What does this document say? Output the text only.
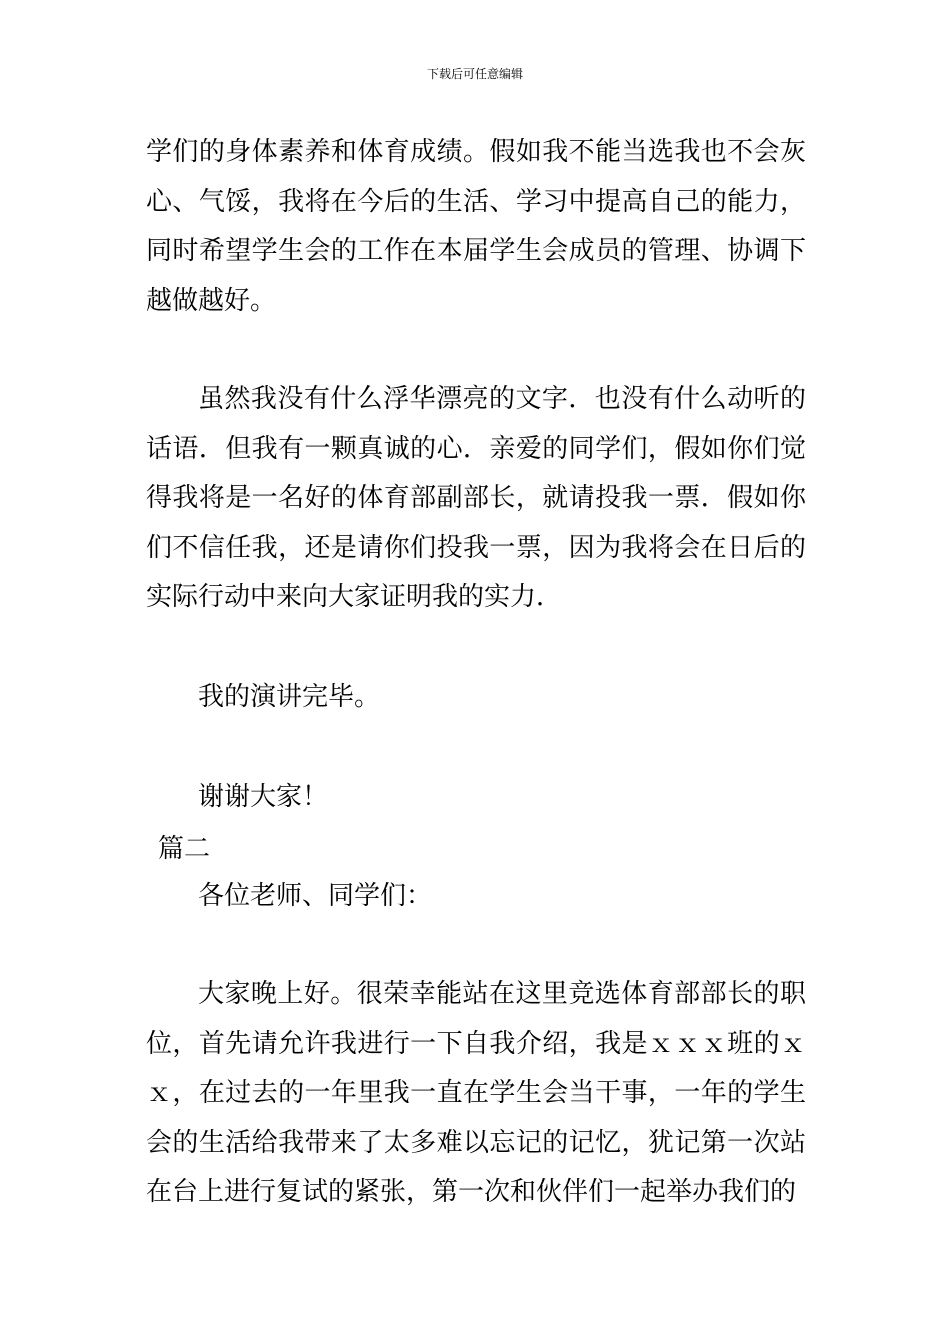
下载后可任意编辑

学们的身体素养和体育成绩。假如我不能当选我也不会灰心、气馁，我将在今后的生活、学习中提高自己的能力，同时希望学生会的工作在本届学生会成员的管理、协调下越做越好。

虽然我没有什么浮华漂亮的文字．也没有什么动听的话语．但我有一颗真诚的心．亲爱的同学们，假如你们觉得我将是一名好的体育部副部长，就请投我一票．假如你们不信任我，还是请你们投我一票，因为我将会在日后的实际行动中来向大家证明我的实力．

我的演讲完毕。

谢谢大家！

篇二

各位老师、同学们：

大家晚上好。很荣幸能站在这里竞选体育部部长的职位，首先请允许我进行一下自我介绍，我是ｘｘｘ班的ｘｘ，在过去的一年里我一直在学生会当干事，一年的学生会的生活给我带来了太多难以忘记的记忆，犹记第一次站在台上进行复试的紧张，第一次和伙伴们一起举办我们的
